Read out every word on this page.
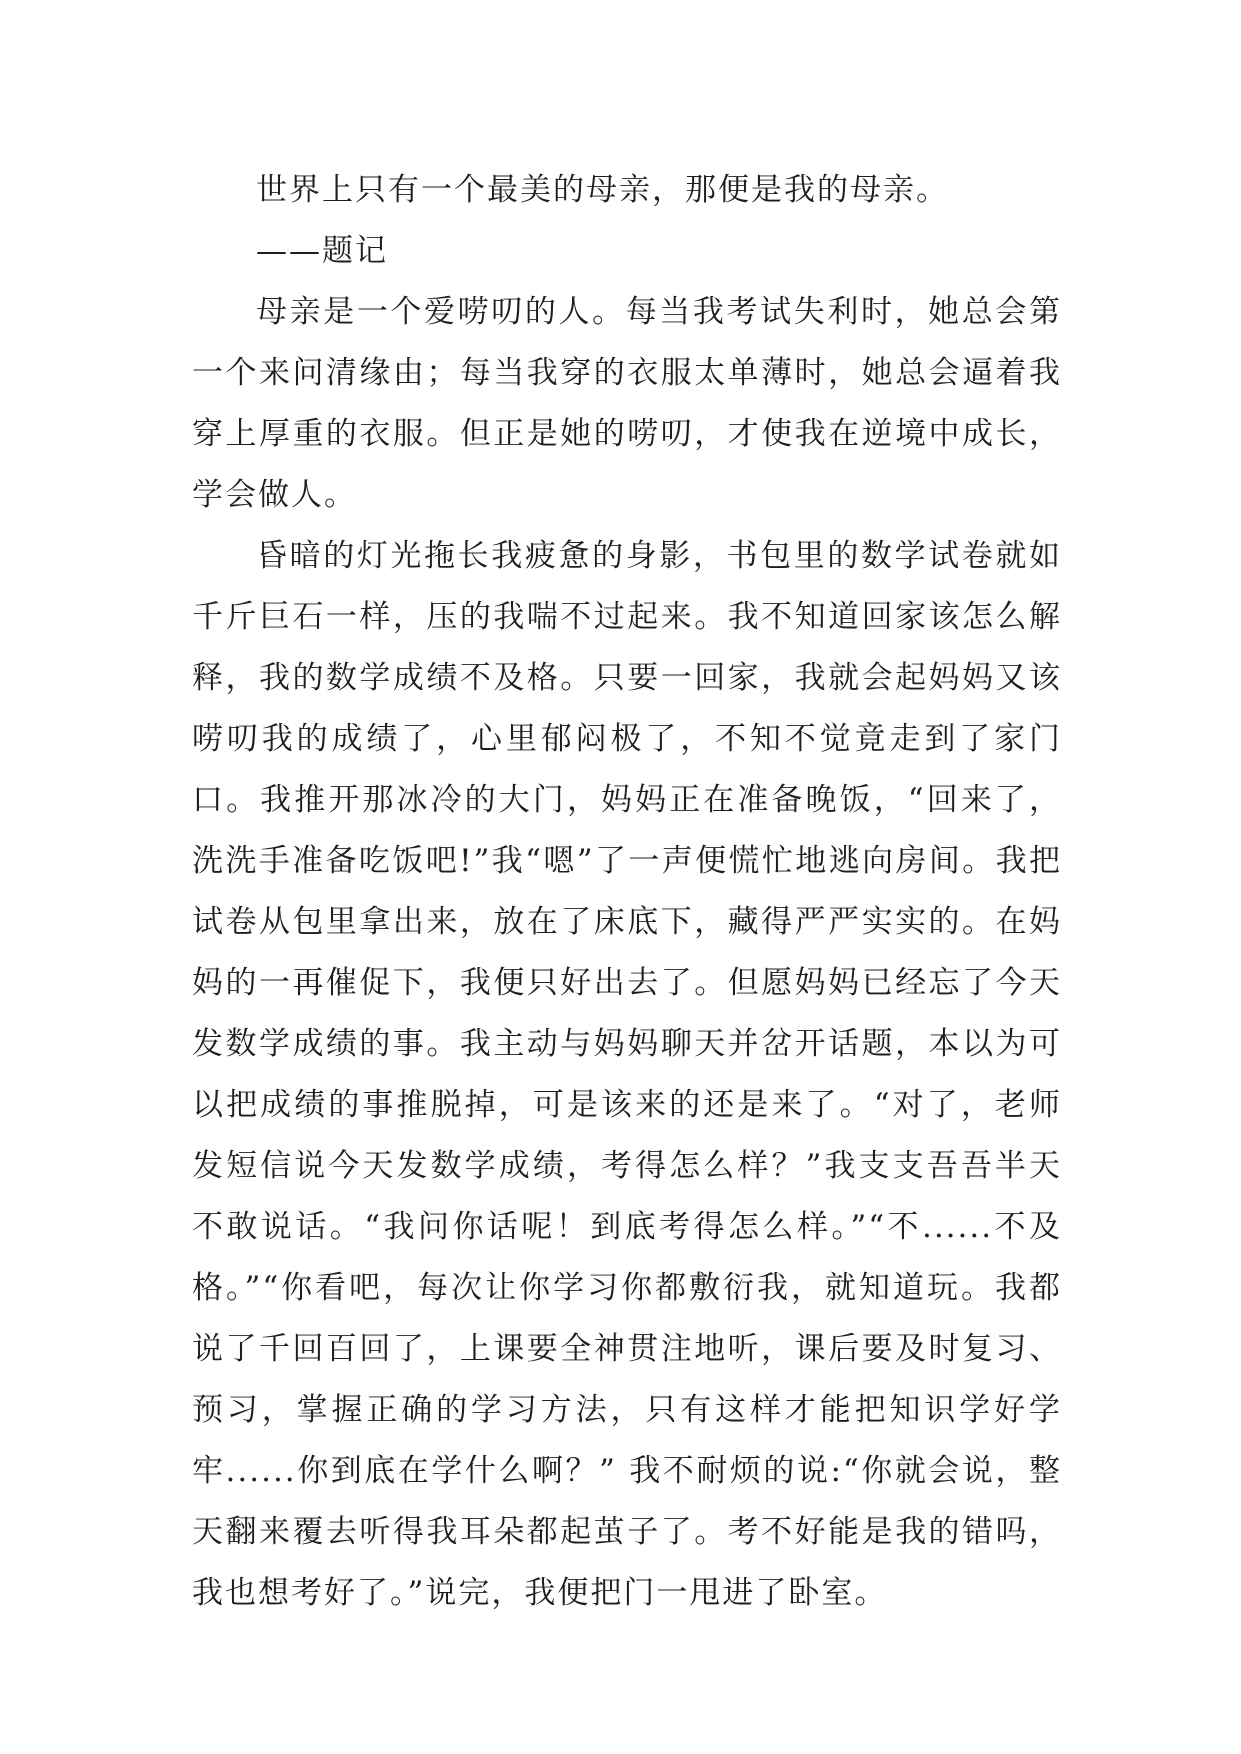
世界上只有一个最美的母亲，那便是我的母亲。

——题记

母亲是一个爱唠叨的人。每当我考试失利时，她总会第一个来问清缘由；每当我穿的衣服太单薄时，她总会逼着我穿上厚重的衣服。但正是她的唠叨，才使我在逆境中成长，学会做人。

昏暗的灯光拖长我疲惫的身影，书包里的数学试卷就如千斤巨石一样，压的我喘不过起来。我不知道回家该怎么解释，我的数学成绩不及格。只要一回家，我就会起妈妈又该唠叨我的成绩了，心里郁闷极了，不知不觉竟走到了家门口。我推开那冰冷的大门，妈妈正在准备晚饭，“回来了，洗洗手准备吃饭吧!”我“嗯”了一声便慌忙地逃向房间。我把试卷从包里拿出来，放在了床底下，藏得严严实实的。在妈妈的一再催促下，我便只好出去了。但愿妈妈已经忘了今天发数学成绩的事。我主动与妈妈聊天并岔开话题，本以为可以把成绩的事推脱掉，可是该来的还是来了。“对了，老师发短信说今天发数学成绩，考得怎么样？”我支支吾吾半天不敢说话。“我问你话呢！到底考得怎么样。”“不......不及格。”“你看吧，每次让你学习你都敷衍我，就知道玩。我都说了千回百回了，上课要全神贯注地听，课后要及时复习、预习，掌握正确的学习方法，只有这样才能把知识学好学牢......你到底在学什么啊？” 我不耐烦的说:“你就会说，整天翻来覆去听得我耳朵都起茧子了。考不好能是我的错吗，我也想考好了。”说完，我便把门一甩进了卧室。
